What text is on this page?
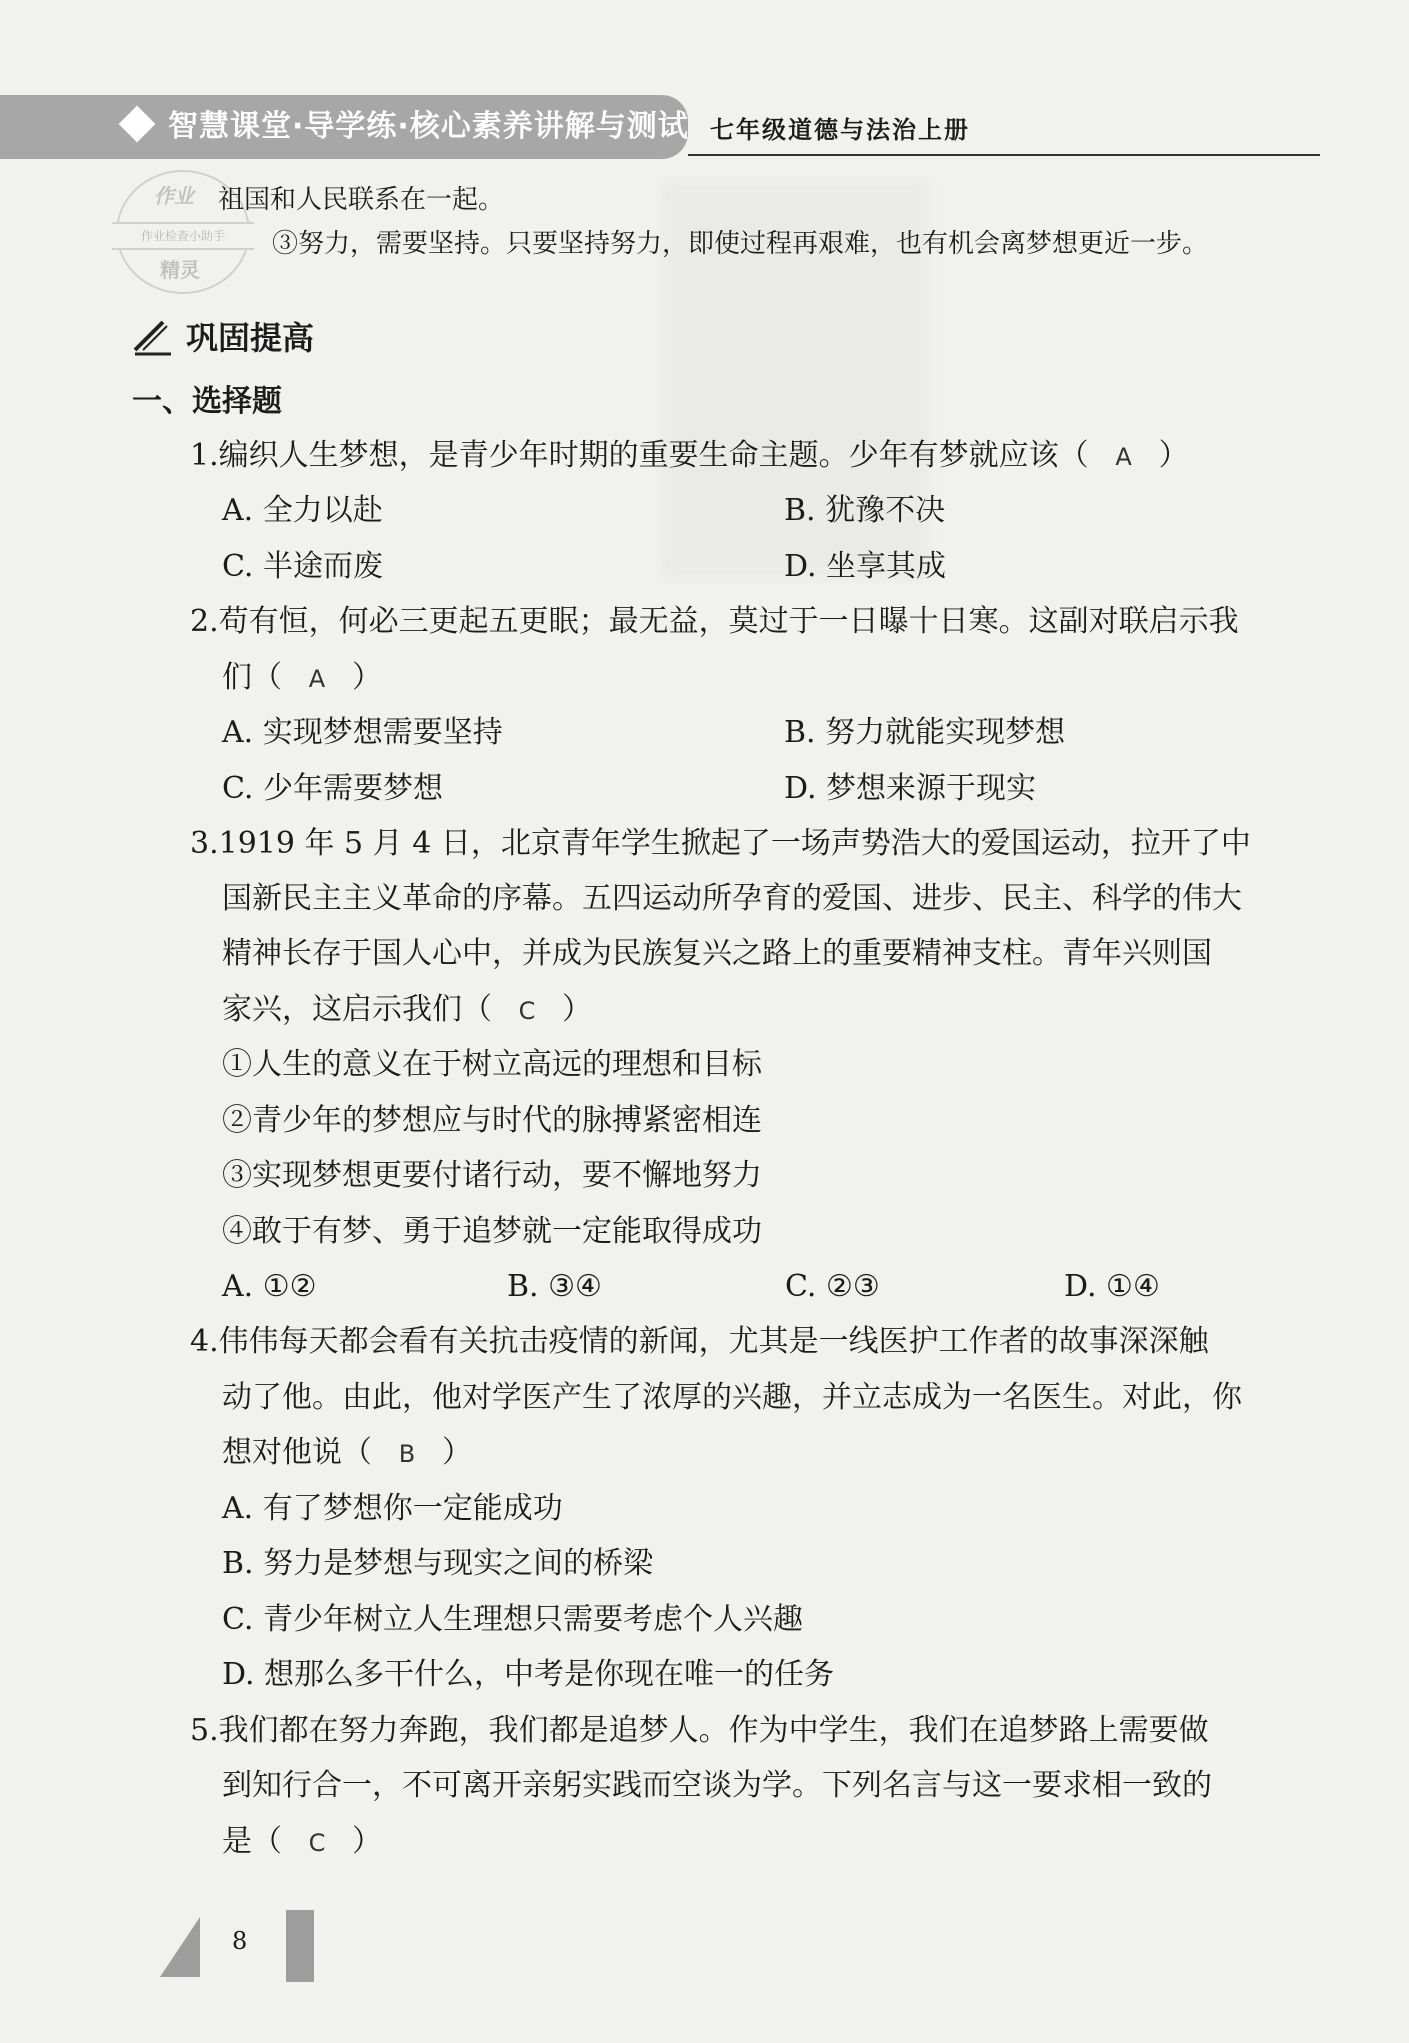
智慧课堂·导学练·核心素养讲解与测试 七年级道德与法治上册
作业
作业检查小助手
精灵
祖国和人民联系在一起。
③努力，需要坚持。只要坚持努力，即使过程再艰难，也有机会离梦想更近一步。
巩固提高
一、选择题
1.编织人生梦想，是青少年时期的重要生命主题。少年有梦就应该（ A ）
A. 全力以赴	B. 犹豫不决
C. 半途而废	D. 坐享其成
2.苟有恒，何必三更起五更眠；最无益，莫过于一日曝十日寒。这副对联启示我
们（ A ）
A. 实现梦想需要坚持	B. 努力就能实现梦想
C. 少年需要梦想	D. 梦想来源于现实
3.1919 年 5 月 4 日，北京青年学生掀起了一场声势浩大的爱国运动，拉开了中
国新民主主义革命的序幕。五四运动所孕育的爱国、进步、民主、科学的伟大
精神长存于国人心中，并成为民族复兴之路上的重要精神支柱。青年兴则国
家兴，这启示我们（ C ）
①人生的意义在于树立高远的理想和目标
②青少年的梦想应与时代的脉搏紧密相连
③实现梦想更要付诸行动，要不懈地努力
④敢于有梦、勇于追梦就一定能取得成功
A. ①②	B. ③④	C. ②③	D. ①④
4.伟伟每天都会看有关抗击疫情的新闻，尤其是一线医护工作者的故事深深触
动了他。由此，他对学医产生了浓厚的兴趣，并立志成为一名医生。对此，你
想对他说（ B ）
A. 有了梦想你一定能成功
B. 努力是梦想与现实之间的桥梁
C. 青少年树立人生理想只需要考虑个人兴趣
D. 想那么多干什么，中考是你现在唯一的任务
5.我们都在努力奔跑，我们都是追梦人。作为中学生，我们在追梦路上需要做
到知行合一，不可离开亲躬实践而空谈为学。下列名言与这一要求相一致的
是（ C ）
8
